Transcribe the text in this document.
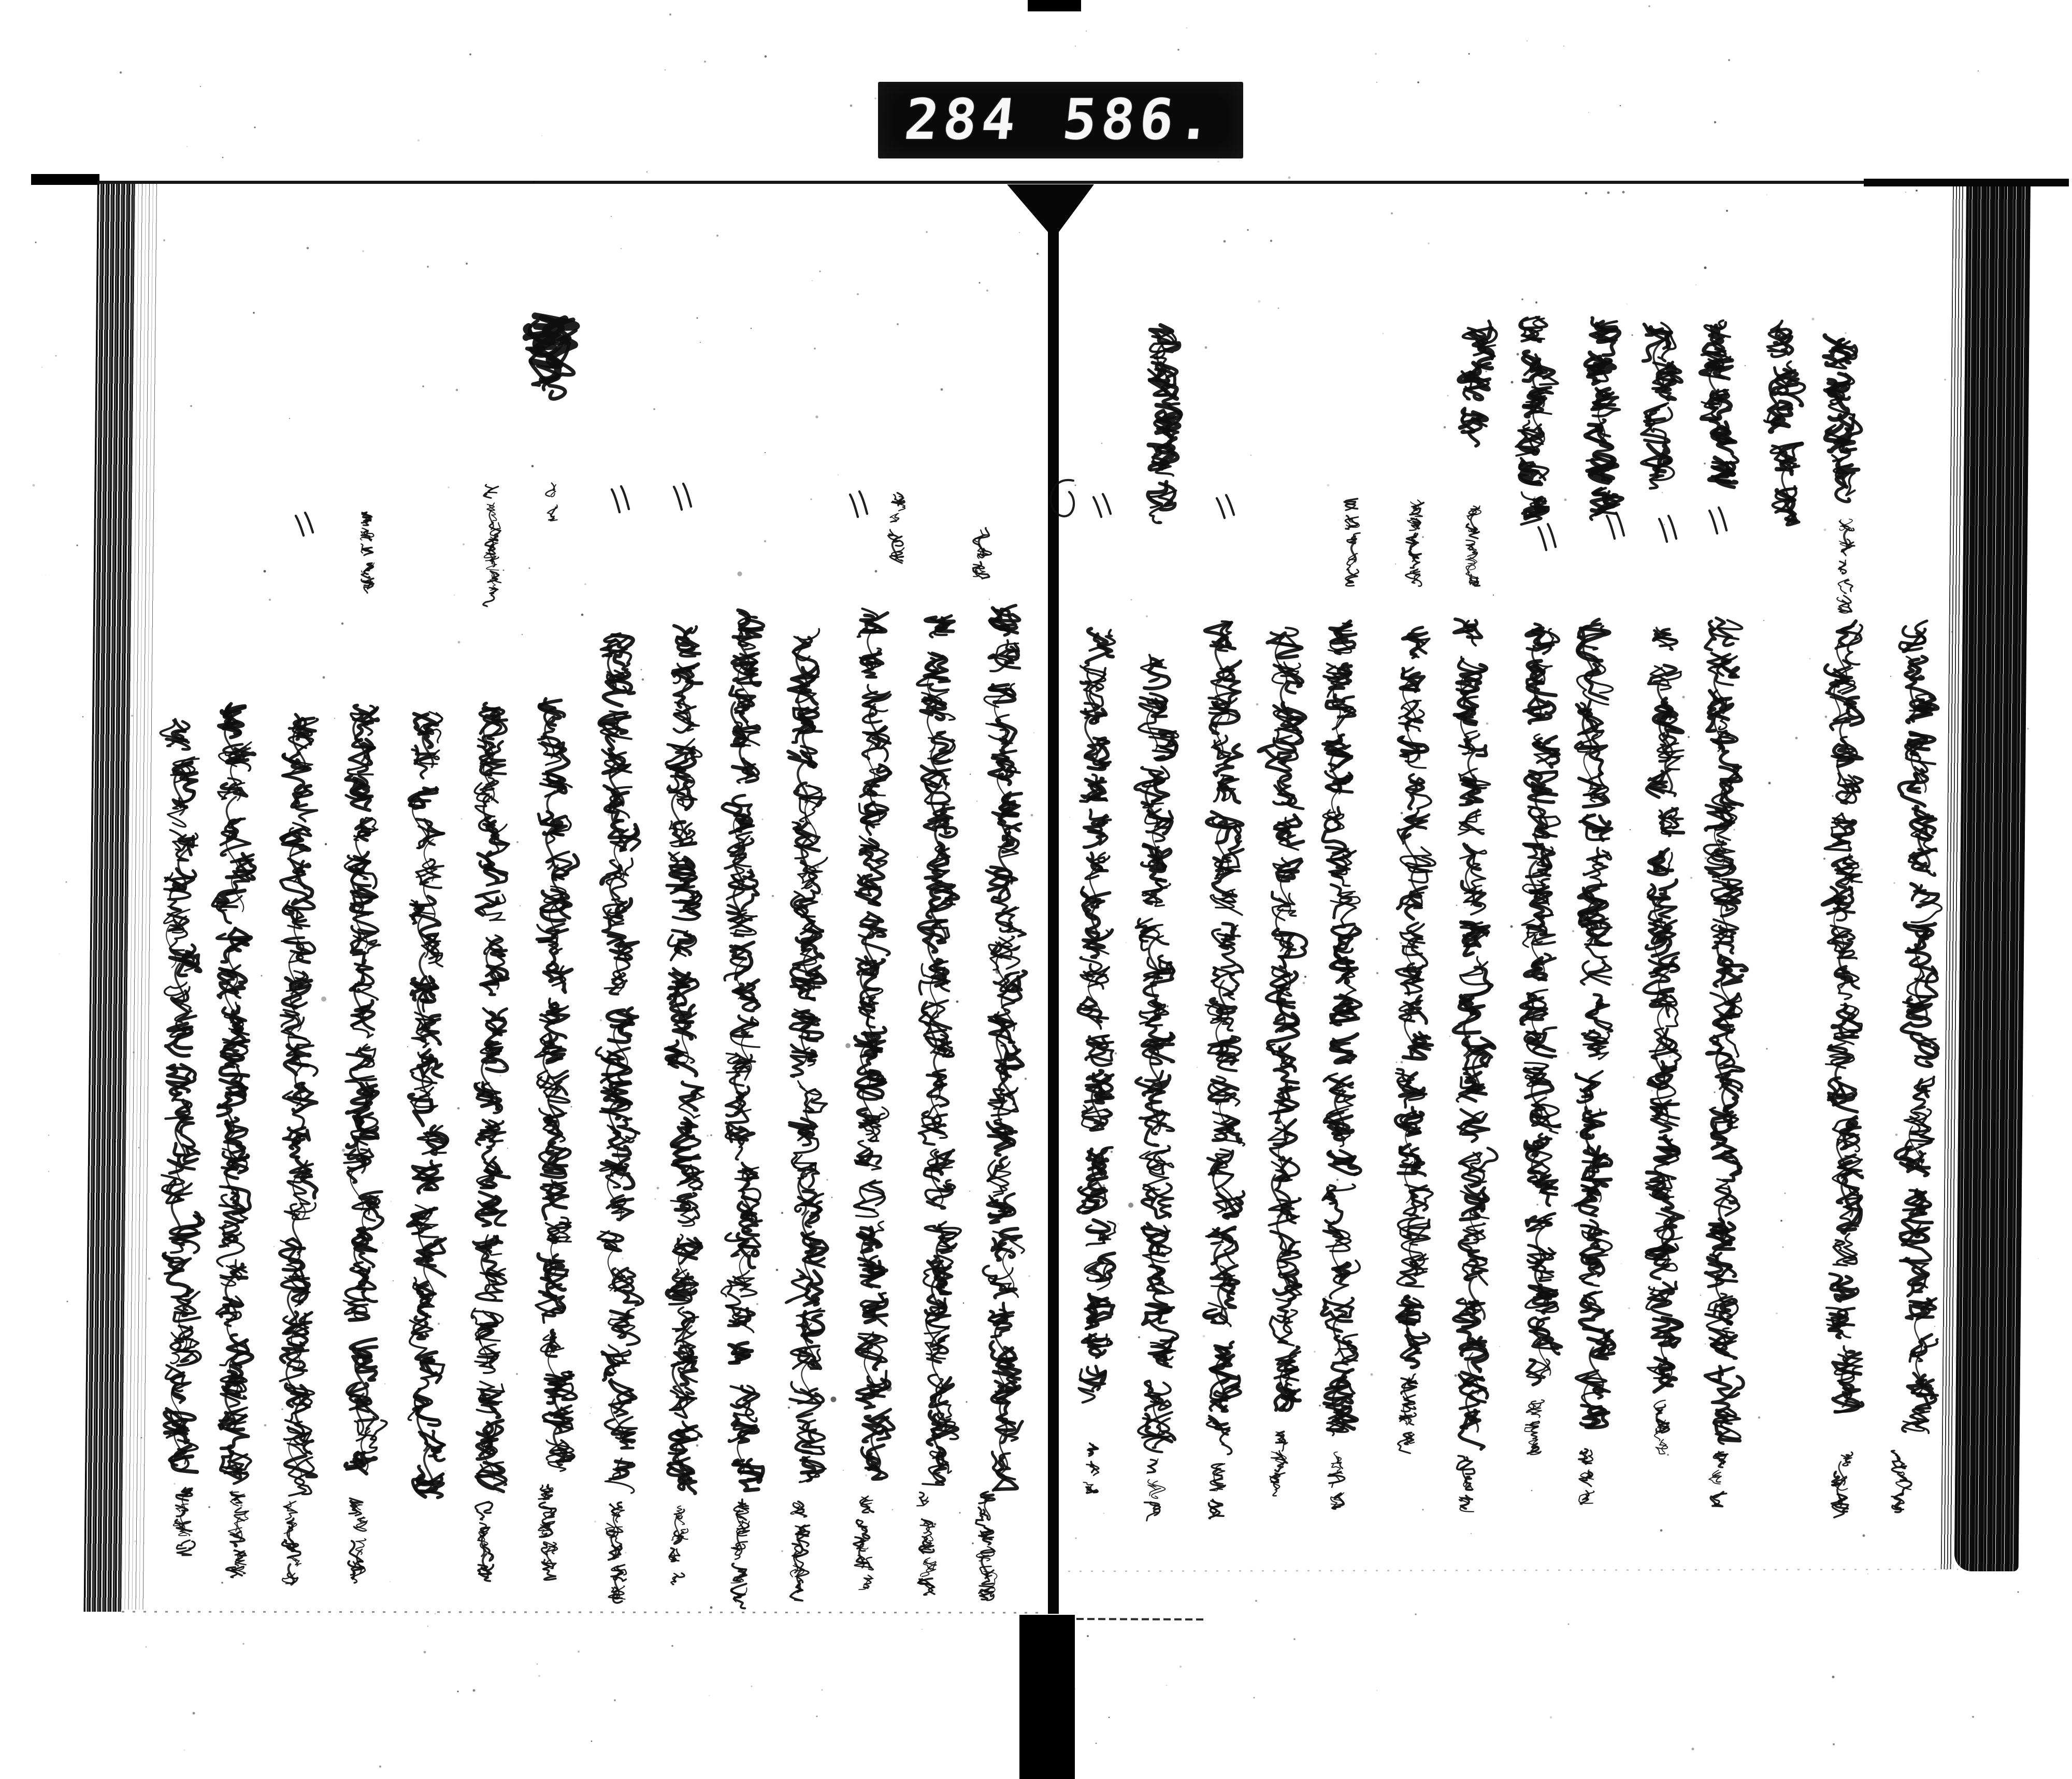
284 586.
